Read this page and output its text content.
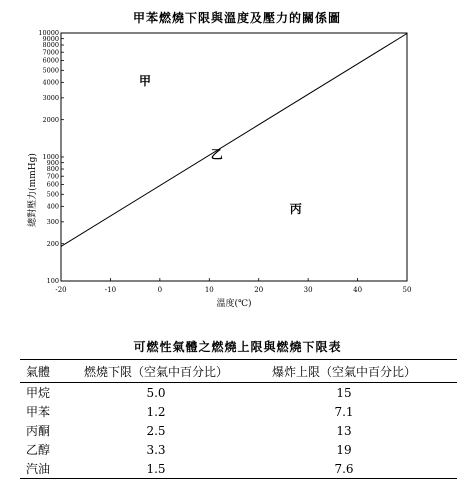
甲苯燃燒下限與溫度及壓力的關係圖
100
200
300
400
500
600
700
800
900
1000
2000
3000
4000
5000
6000
7000
8000
9000
10000
-20	-10	0	10	20	30	40	50
甲
乙
丙
溫度(℃)
總對壓力(mmHg)
可燃性氣體之燃燒上限與燃燒下限表
氣體	燃燒下限（空氣中百分比）	爆炸上限（空氣中百分比）
甲烷	5.0	15
甲苯	1.2	7.1
丙酮	2.5	13
乙醇	3.3	19
汽油	1.5	7.6
